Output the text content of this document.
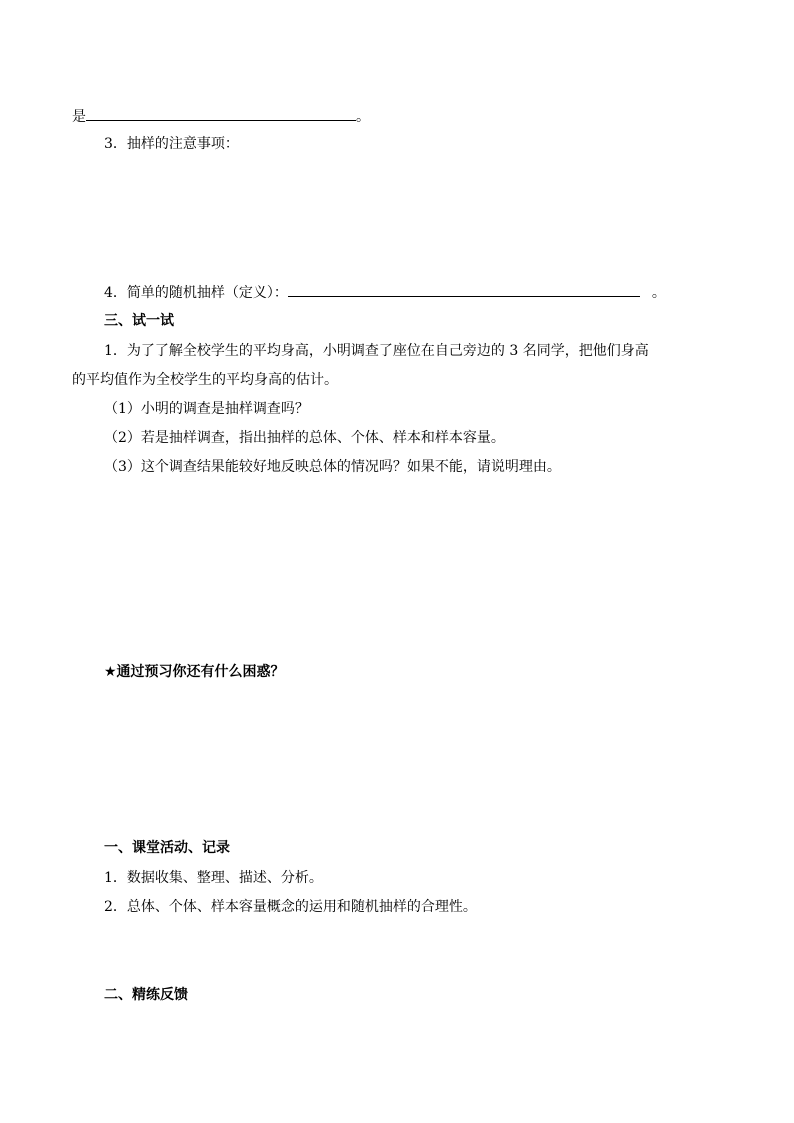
是	。
3．抽样的注意事项：
4．简单的随机抽样（定义）：	。
三、试一试
1．为了了解全校学生的平均身高，小明调查了座位在自己旁边的 3 名同学，把他们身高
的平均值作为全校学生的平均身高的估计。
（1）小明的调查是抽样调查吗？
（2）若是抽样调查，指出抽样的总体、个体、样本和样本容量。
（3）这个调查结果能较好地反映总体的情况吗？如果不能，请说明理由。
★通过预习你还有什么困惑？
一、课堂活动、记录
1．数据收集、整理、描述、分析。
2．总体、个体、样本容量概念的运用和随机抽样的合理性。
二、精练反馈
